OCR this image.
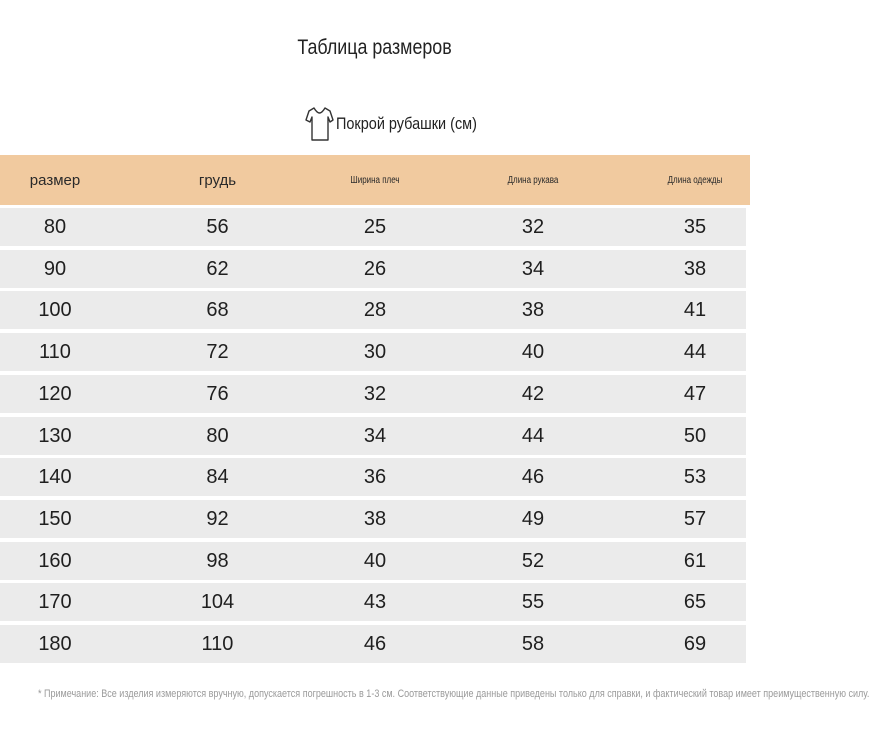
Таблица размеров
Покрой рубашки (см)
размер	грудь	Ширина плеч	Длина рукава	Длина одежды
80	56	25	32	35
90	62	26	34	38
100	68	28	38	41
110	72	30	40	44
120	76	32	42	47
130	80	34	44	50
140	84	36	46	53
150	92	38	49	57
160	98	40	52	61
170	104	43	55	65
180	110	46	58	69
* Примечание: Все изделия измеряются вручную, допускается погрешность в 1-3 см. Соответствующие данные приведены только для справки, и фактический товар имеет преимущественную силу.
